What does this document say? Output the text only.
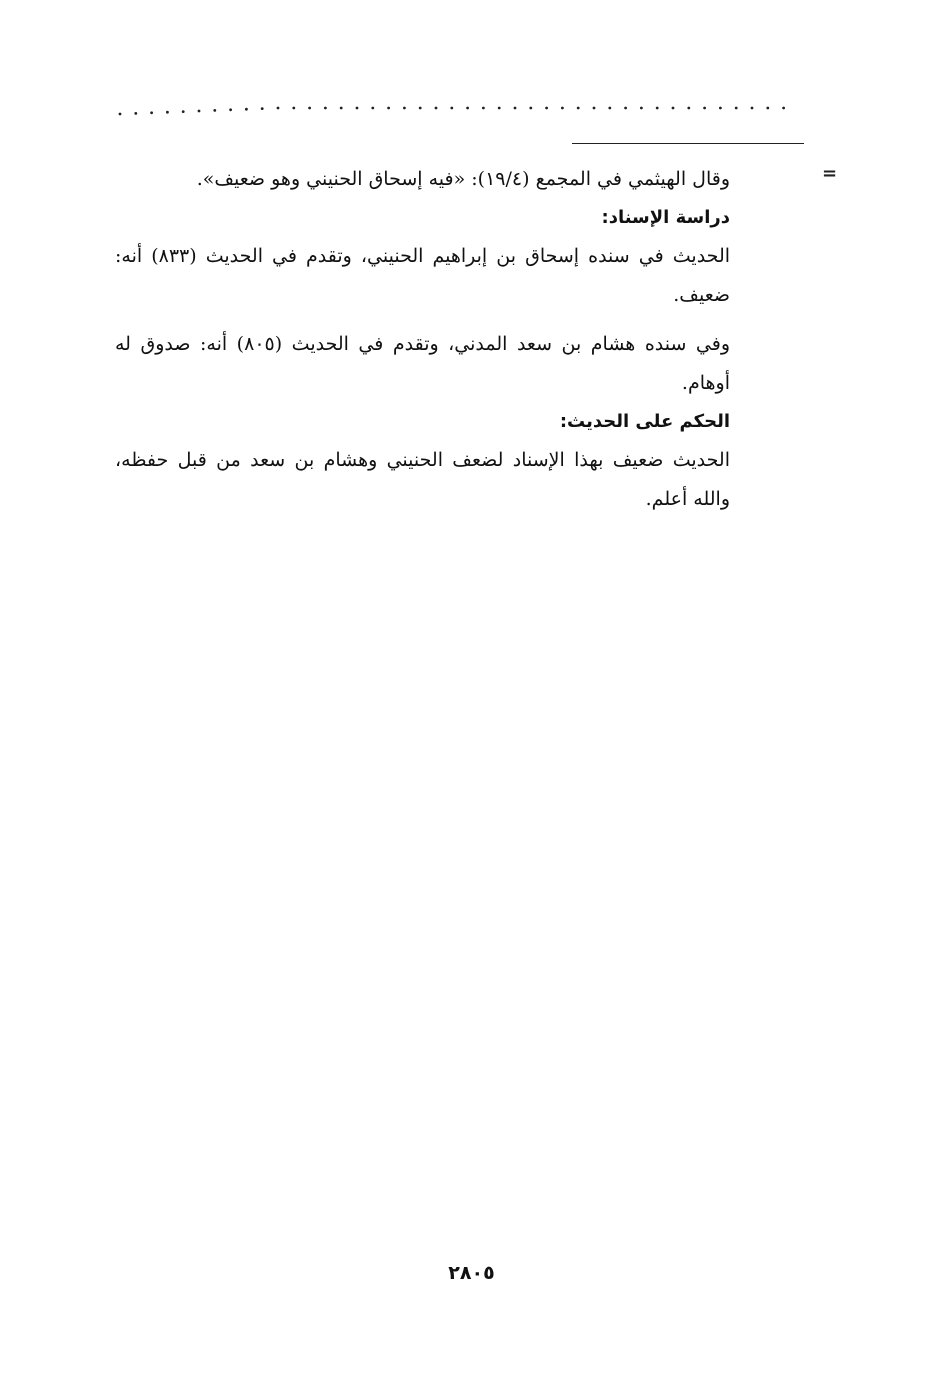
=

وقال الهيثمي في المجمع (١٩/٤): «فيه إسحاق الحنيني وهو ضعيف».

دراسة الإسناد:

الحديث في سنده إسحاق بن إبراهيم الحنيني، وتقدم في الحديث (٨٣٣) أنه: ضعيف.

وفي سنده هشام بن سعد المدني، وتقدم في الحديث (٨٠٥) أنه: صدوق له أوهام.

الحكم على الحديث:

الحديث ضعيف بهذا الإسناد لضعف الحنيني وهشام بن سعد من قبل حفظه، والله أعلم.

٢٨٠٥
